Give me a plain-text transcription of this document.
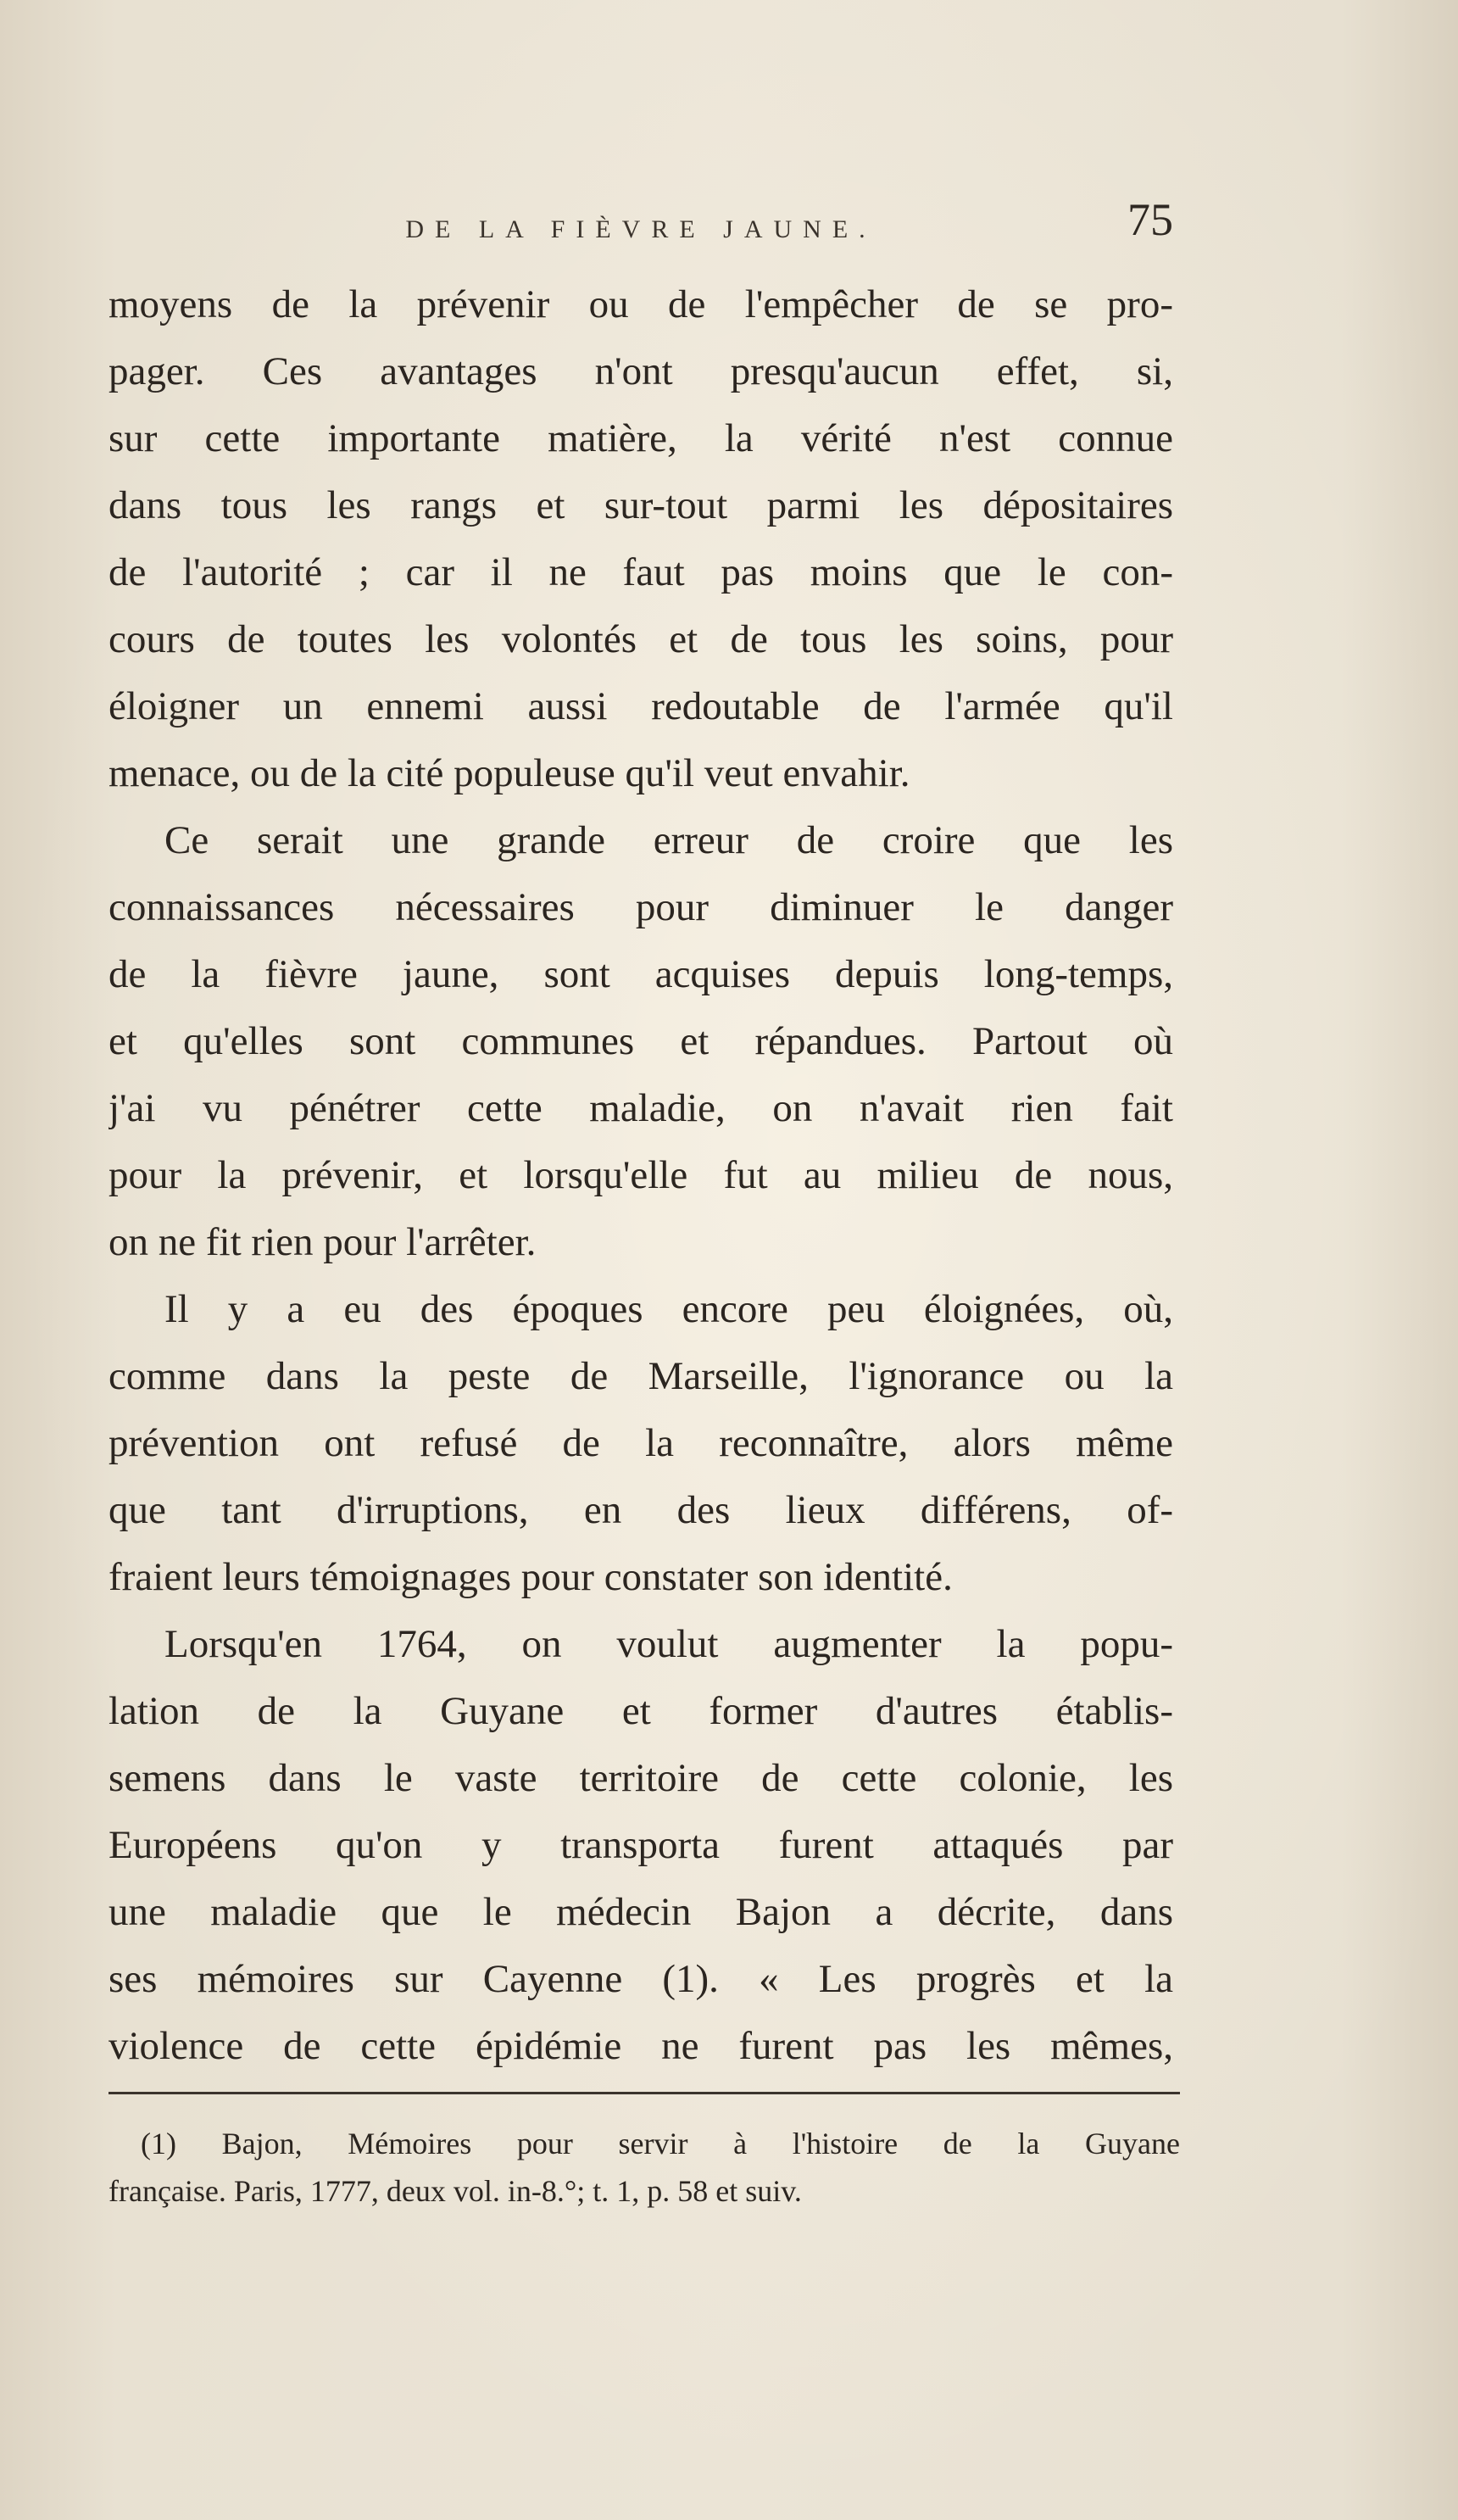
DE LA FIÈVRE JAUNE.	75
moyens de la prévenir ou de l'empêcher de se pro-
pager. Ces avantages n'ont presqu'aucun effet, si,
sur cette importante matière, la vérité n'est connue
dans tous les rangs et sur-tout parmi les dépositaires
de l'autorité ; car il ne faut pas moins que le con-
cours de toutes les volontés et de tous les soins, pour
éloigner un ennemi aussi redoutable de l'armée qu'il
menace, ou de la cité populeuse qu'il veut envahir.
Ce serait une grande erreur de croire que les
connaissances nécessaires pour diminuer le danger
de la fièvre jaune, sont acquises depuis long-temps,
et qu'elles sont communes et répandues. Partout où
j'ai vu pénétrer cette maladie, on n'avait rien fait
pour la prévenir, et lorsqu'elle fut au milieu de nous,
on ne fit rien pour l'arrêter.
Il y a eu des époques encore peu éloignées, où,
comme dans la peste de Marseille, l'ignorance ou la
prévention ont refusé de la reconnaître, alors même
que tant d'irruptions, en des lieux différens, of-
fraient leurs témoignages pour constater son identité.
Lorsqu'en 1764, on voulut augmenter la popu-
lation de la Guyane et former d'autres établis-
semens dans le vaste territoire de cette colonie, les
Européens qu'on y transporta furent attaqués par
une maladie que le médecin Bajon a décrite, dans
ses mémoires sur Cayenne (1). « Les progrès et la
violence de cette épidémie ne furent pas les mêmes,
(1) Bajon, Mémoires pour servir à l'histoire de la Guyane
française. Paris, 1777, deux vol. in-8.°; t. 1, p. 58 et suiv.
